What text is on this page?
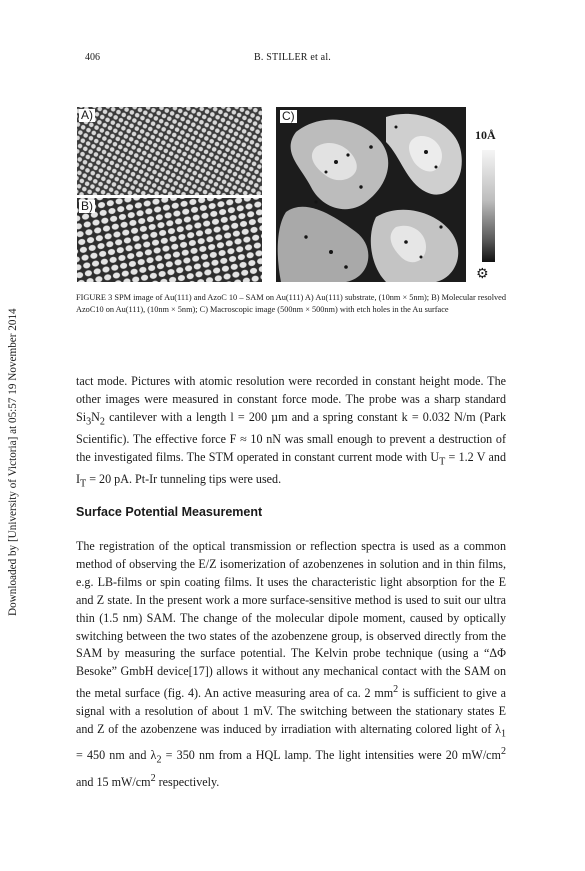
Downloaded by [University of Victoria] at 05:57 19 November 2014
406	B. STILLER et al.
A)
B)
C)
10Å
⚙
FIGURE 3 SPM image of Au(111) and AzoC 10 – SAM on Au(111) A) Au(111) substrate, (10nm × 5nm); B) Molecular resolved AzoC10 on Au(111), (10nm × 5nm); C) Macroscopic image (500nm × 500nm) with etch holes in the Au surface

tact mode. Pictures with atomic resolution were recorded in constant height mode. The other images were measured in constant force mode. The probe was a sharp standard $Si_3N_2$ cantilever with a length l = 200 µm and a spring constant k = 0.032 N/m (Park Scientific). The effective force F ≈ 10 nN was small enough to prevent a destruction of the investigated films. The STM operated in constant current mode with $U_T = 1.2$ V and $I_T = 20$ pA. Pt-Ir tunneling tips were used.

Surface Potential Measurement

The registration of the optical transmission or reflection spectra is used as a common method of observing the E/Z isomerization of azobenzenes in solution and in thin films, e.g. LB-films or spin coating films. It uses the characteristic light absorption for the E and Z state. In the present work a more surface-sensitive method is used to suit our ultra thin (1.5 nm) SAM. The change of the molecular dipole moment, caused by optically switching between the two states of the azobenzene group, is observed directly from the SAM by measuring the surface potential. The Kelvin probe technique (using a “ΔΦ Besoke” GmbH device[17]) allows it without any mechanical contact with the SAM on the metal surface (fig. 4). An active measuring area of ca. 2 $mm^2$ is sufficient to give a signal with a resolution of about 1 mV. The switching between the stationary states E and Z of the azobenzene was induced by irradiation with alternating colored light of $\lambda_1 = 450$ nm and $\lambda_2 = 350$ nm from a HQL lamp. The light intensities were 20 $mW/cm^2$ and 15 $mW/cm^2$ respectively.
